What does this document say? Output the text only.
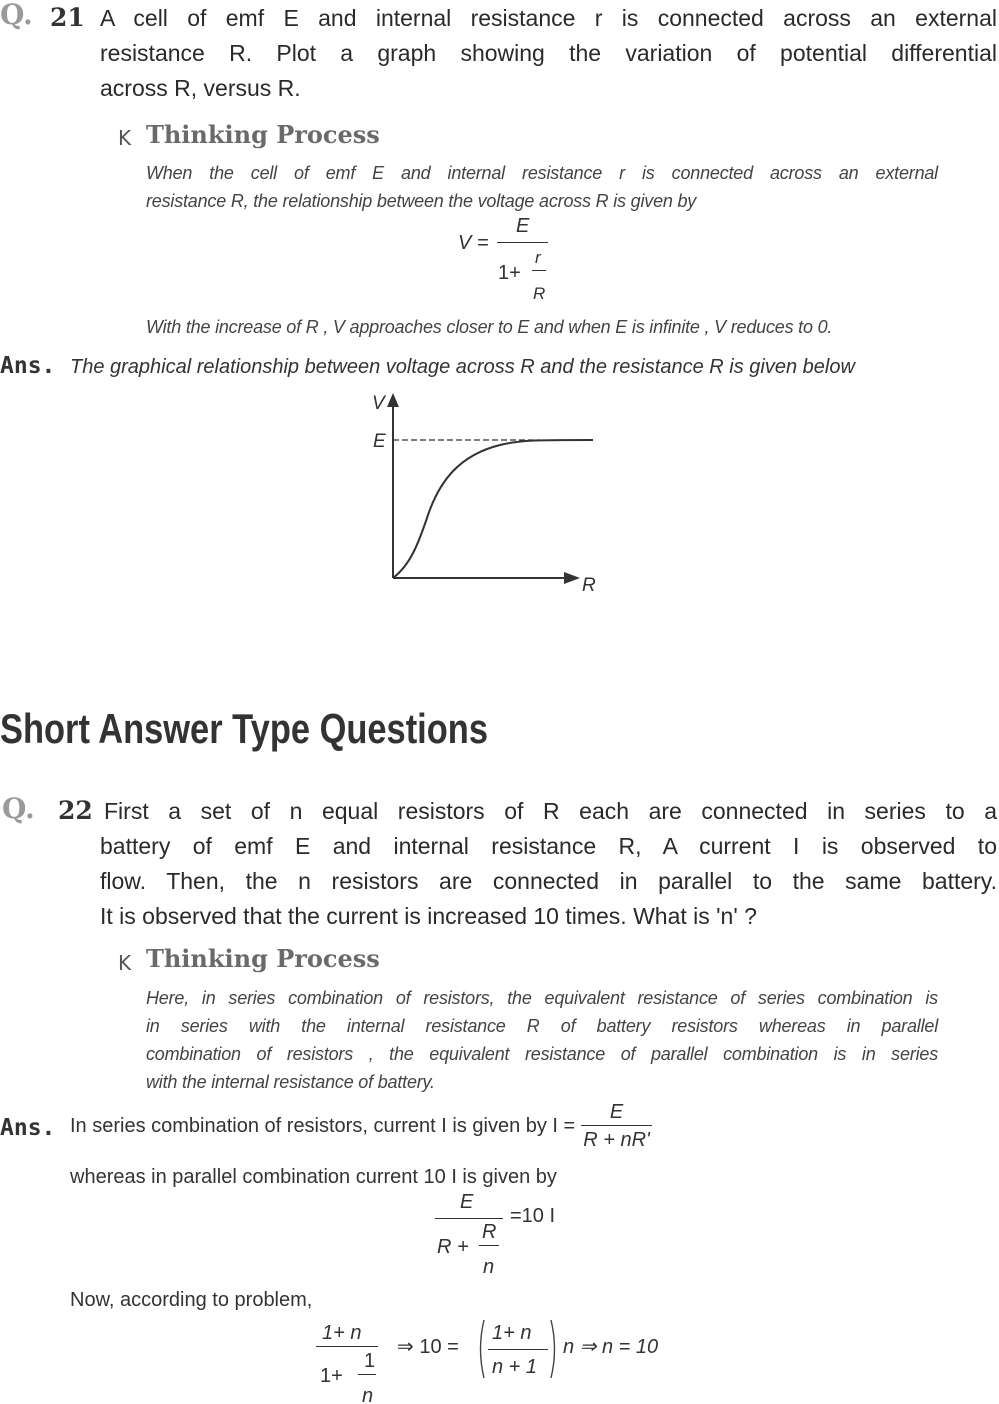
Q. 21 A cell of emf E and internal resistance r is connected across an external
resistance R. Plot a graph showing the variation of potential differential
across R, versus R.
K Thinking Process
When the cell of emf E and internal resistance r is connected across an external
resistance R, the relationship between the voltage across R is given by
V =
E
1+
r
R
With the increase of R , V approaches closer to E and when E is infinite , V reduces to 0.
Ans. The graphical relationship between voltage across R and the resistance R is given below
V
E
R
Short Answer Type Questions
Q. 22 First a set of n equal resistors of R each are connected in series to a
battery of emf E and internal resistance R, A current I is observed to
flow. Then, the n resistors are connected in parallel to the same battery.
It is observed that the current is increased 10 times. What is 'n' ?
K Thinking Process
Here, in series combination of resistors, the equivalent resistance of series combination is
in series with the internal resistance R of battery resistors whereas in parallel
combination of resistors , the equivalent resistance of parallel combination is in series
with the internal resistance of battery.
Ans. In series combination of resistors, current I is given by $I = \frac{E}{R + nR'}$
whereas in parallel combination current 10 I is given by
E
R +
R
n
=10 I
Now, according to problem,
1+ n
1+
1
n
⇒ 10 =
1+ n
n + 1
n ⇒ n = 10
